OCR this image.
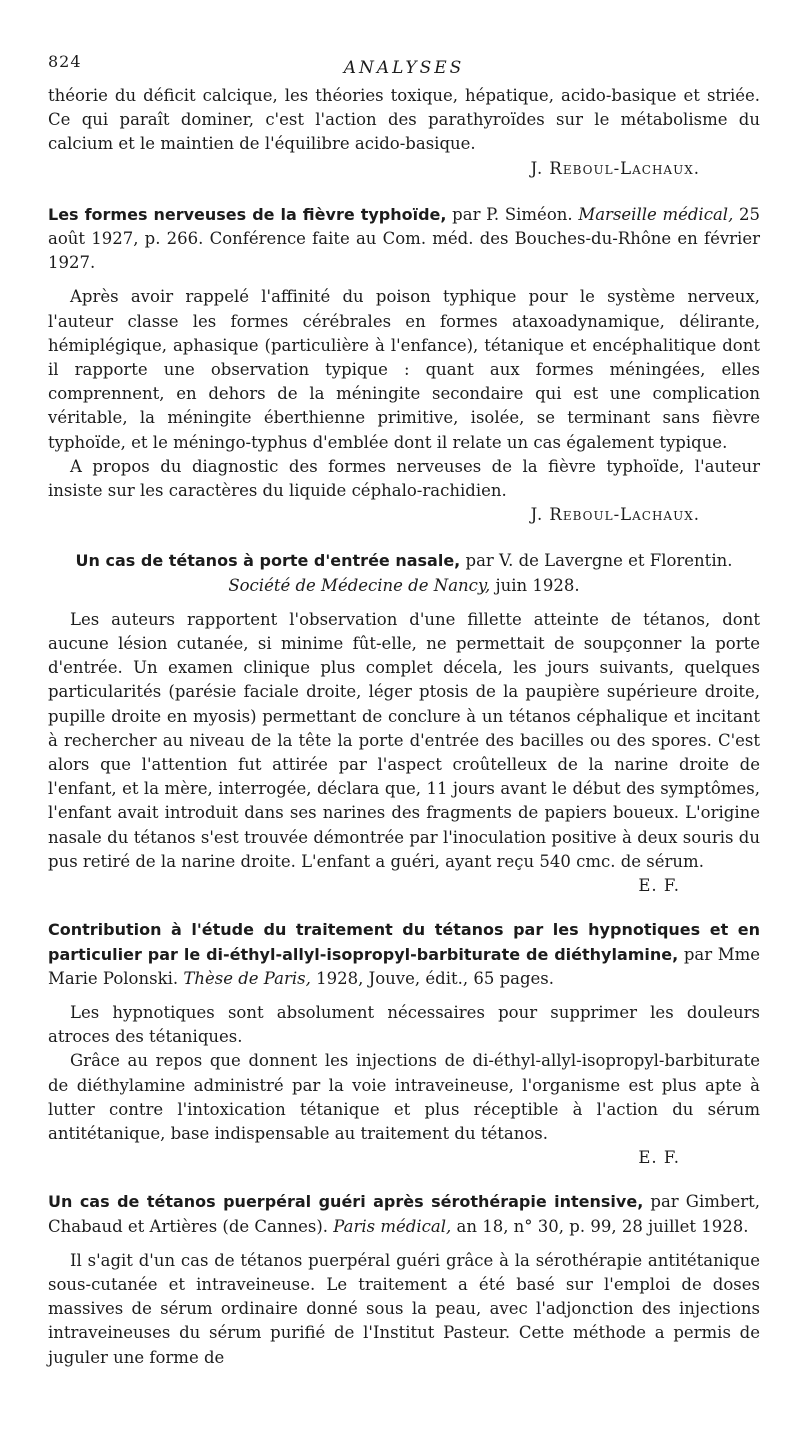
824	ANALYSES

théorie du déficit calcique, les théories toxique, hépatique, acido-basique et striée. Ce qui paraît dominer, c'est l'action des parathyroïdes sur le métabolisme du calcium et le maintien de l'équilibre acido-basique.

J. Reboul-Lachaux.

Les formes nerveuses de la fièvre typhoïde, par P. Siméon. Marseille médical, 25 août 1927, p. 266. Conférence faite au Com. méd. des Bouches-du-Rhône en février 1927.

Après avoir rappelé l'affinité du poison typhique pour le système nerveux, l'auteur classe les formes cérébrales en formes ataxoadynamique, délirante, hémiplégique, aphasique (particulière à l'enfance), tétanique et encéphalitique dont il rapporte une observation typique : quant aux formes méningées, elles comprennent, en dehors de la méningite secondaire qui est une complication véritable, la méningite éberthienne primitive, isolée, se terminant sans fièvre typhoïde, et le méningo-typhus d'emblée dont il relate un cas également typique.

A propos du diagnostic des formes nerveuses de la fièvre typhoïde, l'auteur insiste sur les caractères du liquide céphalo-rachidien.

J. Reboul-Lachaux.

Un cas de tétanos à porte d'entrée nasale, par V. de Lavergne et Florentin.
Société de Médecine de Nancy, juin 1928.

Les auteurs rapportent l'observation d'une fillette atteinte de tétanos, dont aucune lésion cutanée, si minime fût-elle, ne permettait de soupçonner la porte d'entrée. Un examen clinique plus complet décela, les jours suivants, quelques particularités (parésie faciale droite, léger ptosis de la paupière supérieure droite, pupille droite en myosis) permettant de conclure à un tétanos céphalique et incitant à rechercher au niveau de la tête la porte d'entrée des bacilles ou des spores. C'est alors que l'attention fut attirée par l'aspect croûtelleux de la narine droite de l'enfant, et la mère, interrogée, déclara que, 11 jours avant le début des symptômes, l'enfant avait introduit dans ses narines des fragments de papiers boueux. L'origine nasale du tétanos s'est trouvée démontrée par l'inoculation positive à deux souris du pus retiré de la narine droite. L'enfant a guéri, ayant reçu 540 cmc. de sérum.

E. F.

Contribution à l'étude du traitement du tétanos par les hypnotiques et en particulier par le di-éthyl-allyl-isopropyl-barbiturate de diéthylamine, par Mme Marie Polonski. Thèse de Paris, 1928, Jouve, édit., 65 pages.

Les hypnotiques sont absolument nécessaires pour supprimer les douleurs atroces des tétaniques.

Grâce au repos que donnent les injections de di-éthyl-allyl-isopropyl-barbiturate de diéthylamine administré par la voie intraveineuse, l'organisme est plus apte à lutter contre l'intoxication tétanique et plus réceptible à l'action du sérum antitétanique, base indispensable au traitement du tétanos.

E. F.

Un cas de tétanos puerpéral guéri après sérothérapie intensive, par Gimbert, Chabaud et Artières (de Cannes). Paris médical, an 18, n° 30, p. 99, 28 juillet 1928.

Il s'agit d'un cas de tétanos puerpéral guéri grâce à la sérothérapie antitétanique sous-cutanée et intraveineuse. Le traitement a été basé sur l'emploi de doses massives de sérum ordinaire donné sous la peau, avec l'adjonction des injections intraveineuses du sérum purifié de l'Institut Pasteur. Cette méthode a permis de juguler une forme de
